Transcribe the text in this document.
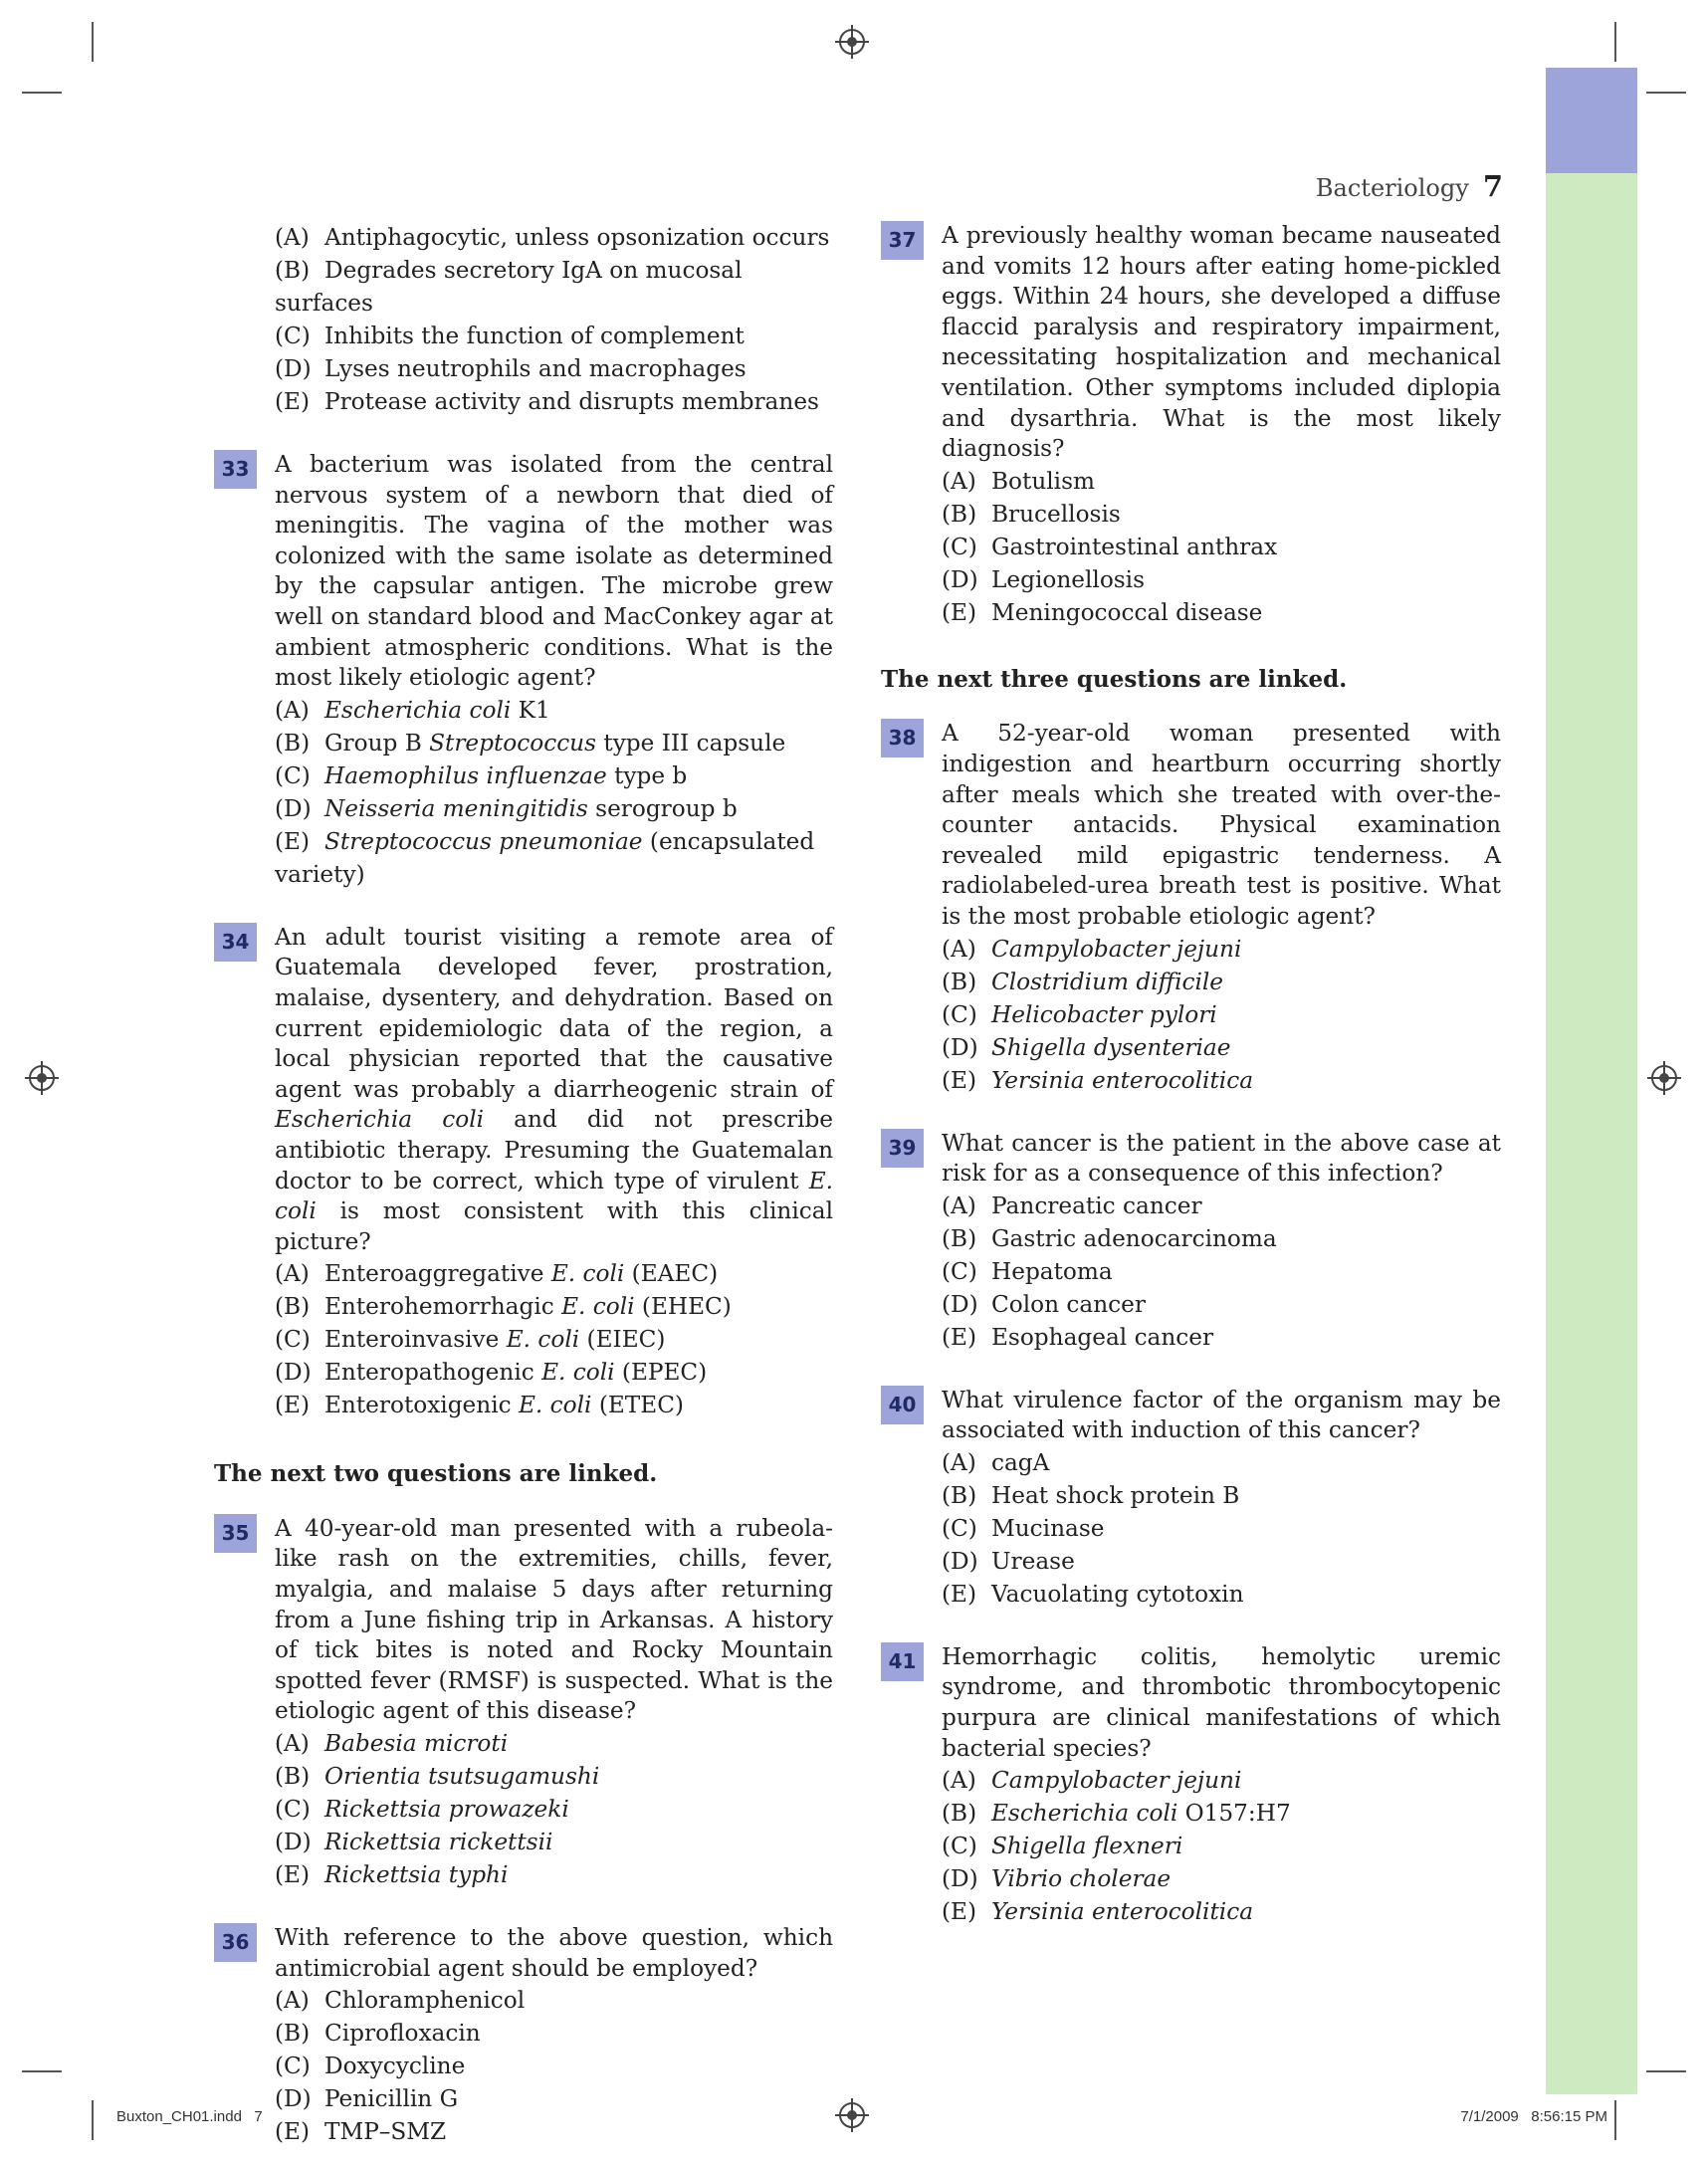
Bacteriology 7
(A) Antiphagocytic, unless opsonization occurs
(B) Degrades secretory IgA on mucosal surfaces
(C) Inhibits the function of complement
(D) Lyses neutrophils and macrophages
(E) Protease activity and disrupts membranes
33	A bacterium was isolated from the central nervous system of a newborn that died of meningitis. The vagina of the mother was colonized with the same isolate as determined by the capsular antigen. The microbe grew well on standard blood and MacConkey agar at ambient atmospheric conditions. What is the most likely etiologic agent?
(A) Escherichia coli K1
(B) Group B Streptococcus type III capsule
(C) Haemophilus influenzae type b
(D) Neisseria meningitidis serogroup b
(E) Streptococcus pneumoniae (encapsulated variety)
34	An adult tourist visiting a remote area of Guatemala developed fever, prostration, malaise, dysentery, and dehydration. Based on current epidemiologic data of the region, a local physician reported that the causative agent was probably a diarrheogenic strain of Escherichia coli and did not prescribe antibiotic therapy. Presuming the Guatemalan doctor to be correct, which type of virulent E. coli is most consistent with this clinical picture?
(A) Enteroaggregative E. coli (EAEC)
(B) Enterohemorrhagic E. coli (EHEC)
(C) Enteroinvasive E. coli (EIEC)
(D) Enteropathogenic E. coli (EPEC)
(E) Enterotoxigenic E. coli (ETEC)
The next two questions are linked.
35	A 40-year-old man presented with a rubeola-like rash on the extremities, chills, fever, myalgia, and malaise 5 days after returning from a June fishing trip in Arkansas. A history of tick bites is noted and Rocky Mountain spotted fever (RMSF) is suspected. What is the etiologic agent of this disease?
(A) Babesia microti
(B) Orientia tsutsugamushi
(C) Rickettsia prowazeki
(D) Rickettsia rickettsii
(E) Rickettsia typhi
36	With reference to the above question, which antimicrobial agent should be employed?
(A) Chloramphenicol
(B) Ciprofloxacin
(C) Doxycycline
(D) Penicillin G
(E) TMP–SMZ
37	A previously healthy woman became nauseated and vomits 12 hours after eating home-pickled eggs. Within 24 hours, she developed a diffuse flaccid paralysis and respiratory impairment, necessitating hospitalization and mechanical ventilation. Other symptoms included diplopia and dysarthria. What is the most likely diagnosis?
(A) Botulism
(B) Brucellosis
(C) Gastrointestinal anthrax
(D) Legionellosis
(E) Meningococcal disease
The next three questions are linked.
38	A 52-year-old woman presented with indigestion and heartburn occurring shortly after meals which she treated with over-the-counter antacids. Physical examination revealed mild epigastric tenderness. A radiolabeled-urea breath test is positive. What is the most probable etiologic agent?
(A) Campylobacter jejuni
(B) Clostridium difficile
(C) Helicobacter pylori
(D) Shigella dysenteriae
(E) Yersinia enterocolitica
39	What cancer is the patient in the above case at risk for as a consequence of this infection?
(A) Pancreatic cancer
(B) Gastric adenocarcinoma
(C) Hepatoma
(D) Colon cancer
(E) Esophageal cancer
40	What virulence factor of the organism may be associated with induction of this cancer?
(A) cagA
(B) Heat shock protein B
(C) Mucinase
(D) Urease
(E) Vacuolating cytotoxin
41	Hemorrhagic colitis, hemolytic uremic syndrome, and thrombotic thrombocytopenic purpura are clinical manifestations of which bacterial species?
(A) Campylobacter jejuni
(B) Escherichia coli O157:H7
(C) Shigella flexneri
(D) Vibrio cholerae
(E) Yersinia enterocolitica
Buxton_CH01.indd   7	7/1/2009   8:56:15 PM
